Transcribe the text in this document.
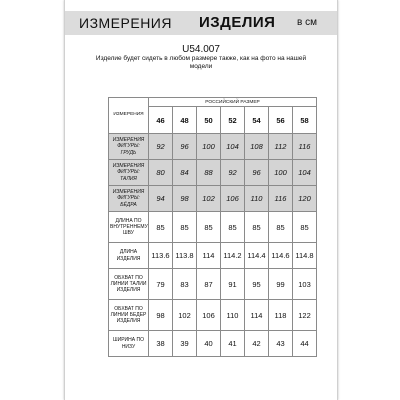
ИЗМЕРЕНИЯ ИЗДЕЛИЯ в см
U54.007
Изделие будет сидеть в любом размере также, как на фото на нашей модели
ИЗМЕРЕНИЯ	РОССИЙСКИЙ РАЗМЕР						
	46	48	50	52	54	56	58
ИЗМЕРЕНИЯ ФИГУРЫ: ГРУДЬ	92	96	100	104	108	112	116
ИЗМЕРЕНИЯ ФИГУРЫ: ТАЛИЯ	80	84	88	92	96	100	104
ИЗМЕРЕНИЯ ФИГУРЫ: БЁДРА	94	98	102	106	110	116	120
ДЛИНА ПО ВНУТРЕННЕМУ ШВУ	85	85	85	85	85	85	85
ДЛИНА ИЗДЕЛИЯ	113.6	113.8	114	114.2	114.4	114.6	114.8
ОБХВАТ ПО ЛИНИИ ТАЛИИ ИЗДЕЛИЯ	79	83	87	91	95	99	103
ОБХВАТ ПО ЛИНИИ БЕДЕР ИЗДЕЛИЯ	98	102	106	110	114	118	122
ШИРИНА ПО НИЗУ	38	39	40	41	42	43	44
